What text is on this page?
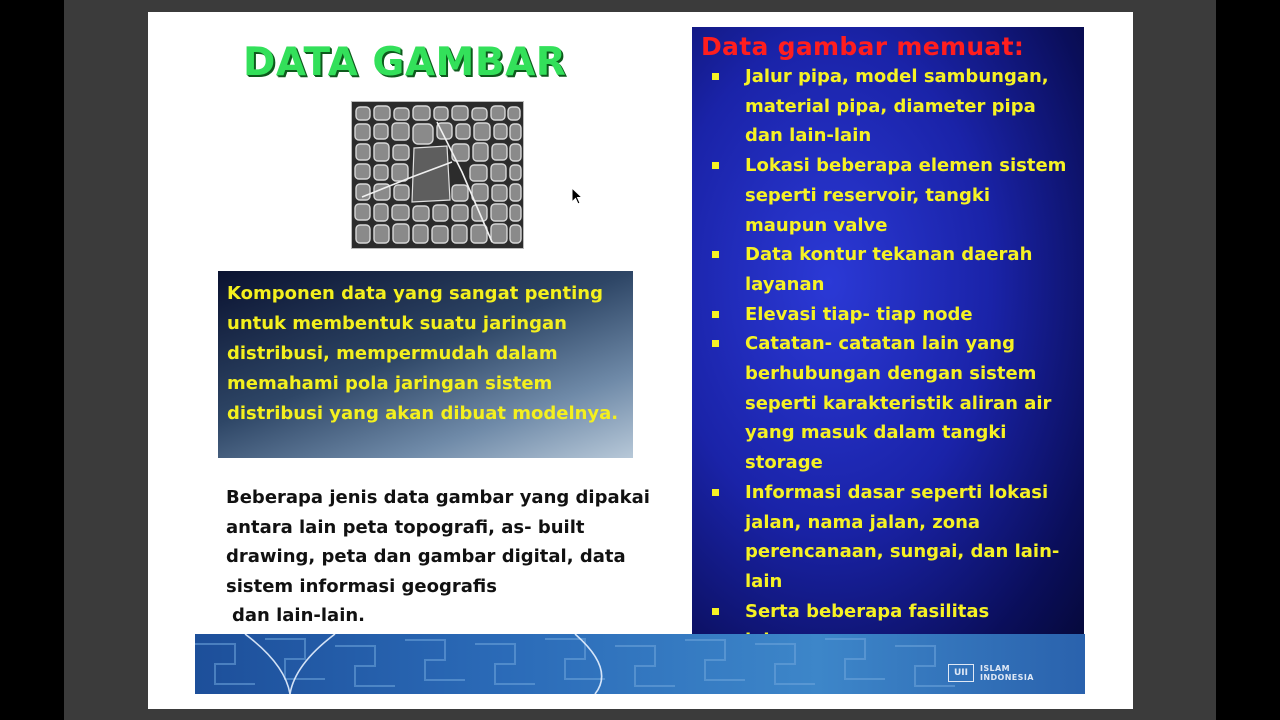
DATA GAMBAR

Komponen data yang sangat penting untuk membentuk suatu jaringan distribusi, mempermudah dalam memahami pola jaringan sistem distribusi yang akan dibuat modelnya.

Beberapa jenis data gambar yang dipakai antara lain peta topografi, as- built drawing, peta dan gambar digital, data sistem informasi geografis
dan lain-lain.
Data gambar memuat:
Jalur pipa, model sambungan, material pipa, diameter pipa dan lain-lain
Lokasi beberapa elemen sistem seperti reservoir, tangki maupun valve
Data kontur tekanan daerah layanan
Elevasi tiap- tiap node
Catatan- catatan lain yang berhubungan dengan sistem seperti karakteristik aliran air yang masuk dalam tangki storage
Informasi dasar seperti lokasi jalan, nama jalan, zona perencanaan, sungai, dan lain-lain
Serta beberapa fasilitas
UII	ISLAM
INDONESIA
